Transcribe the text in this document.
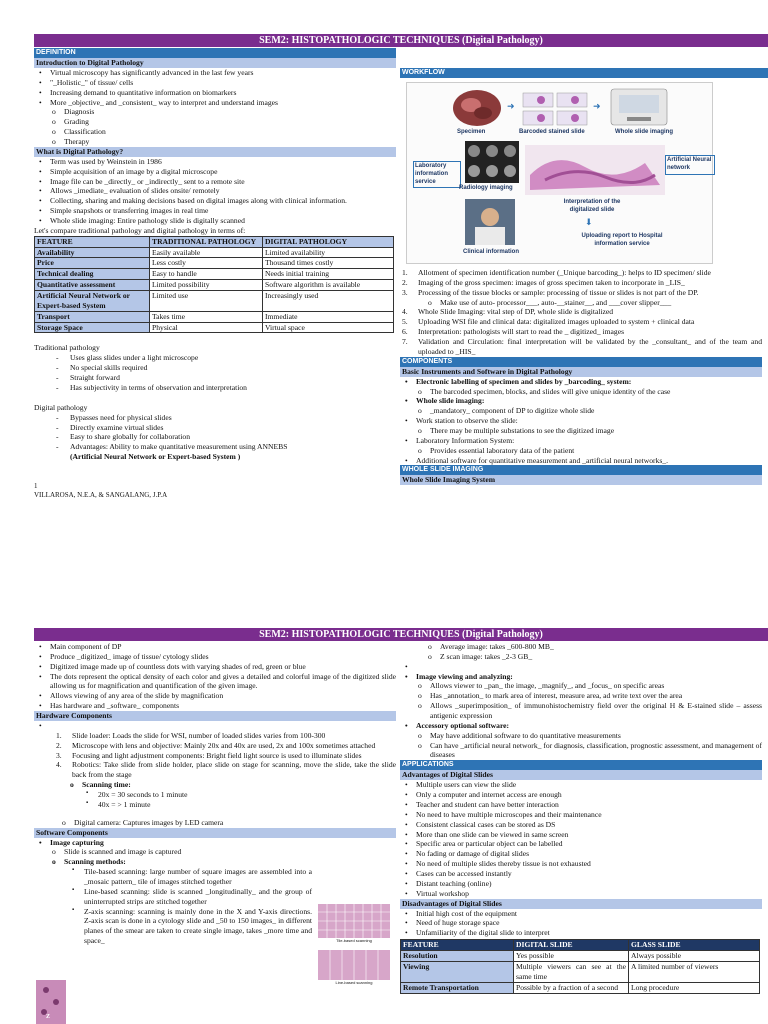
SEM2: HISTOPATHOLOGIC TECHNIQUES (Digital Pathology)
DEFINITION
Introduction to Digital Pathology
• Virtual microscopy has significantly advanced in the last few years
• "_Holistic_" of tissue/ cells
• Increasing demand to quantitative information on biomarkers
• More _objective_ and _consistent_ way to interpret and understand images
o Diagnosis
o Grading
o Classification
o Therapy
What is Digital Pathology?
• Term was used by Weinstein in 1986
• Simple acquisition of an image by a digital microscope
• Image file can be _directly_ or _indirectly_ sent to a remote site
• Allows _imediate_ evaluation of slides onsite/ remotely
• Collecting, sharing and making decisions based on digital images along with clinical information.
• Simple snapshots or transferring images in real time
• Whole slide imaging: Entire pathology slide is digitally scanned
Let's compare traditional pathology and digital pathology in terms of:
FEATURE	TRADITIONAL PATHOLOGY	DIGITAL PATHOLOGY
Availability	Easily available	Limited availability
Price	Less costly	Thousand times costly
Technical dealing	Easy to handle	Needs initial training
Quantitative assessment	Limited possibility	Software algorithm is available
Artificial Neural Network or Expert-based System	Limited use	Increasingly used
Transport	Takes time	Immediate
Storage Space	Physical	Virtual space
Traditional pathology
- Uses glass slides under a light microscope
- No special skills required
- Straight forward
- Has subjectivity in terms of observation and interpretation
Digital pathology
- Bypasses need for physical slides
- Directly examine virtual slides
- Easy to share globally for collaboration
- Advantages: Ability to make quantitative measurement using ANNEBS
(Artificial Neural Network or Expert-based System )
1
VILLAROSA, N.E.A, & SANGALANG, J.P.A
WORKFLOW
Specimen
➜
Barcoded stained slide
➜
Whole slide imaging
Laboratory information service
Radiology imaging
Artificial Neural network
Clinical information
Interpretation of the digitalized slide
⬇
Uploading report to Hospital information service
1. Allotment of specimen identification number (_Unique barcoding_): helps to ID specimen/ slide
2. Imaging of the gross specimen: images of gross specimen taken to incorporate in _LIS_
3. Processing of the tissue blocks or sample: processing of tissue or slides is not part of the DP.
o Make use of auto- processor___, auto-__stainer__, and ___cover slipper___
4. Whole Slide Imaging: vital step of DP, whole slide is digitalized
5. Uploading WSI file and clinical data: digitalized images uploaded to system + clinical data
6. Interpretation: pathologists will start to read the _ digitized_ images
7. Validation and Circulation: final interpretation will be validated by the _consultant_ and of the team and uploaded to _HIS_
COMPONENTS
Basic Instruments and Software in Digital Pathology
• Electronic labelling of specimen and slides by _barcoding_ system:
o The barcoded specimen, blocks, and slides will give unique identity of the case
• Whole slide imaging:
o _mandatory_ component of DP to digitize whole slide
• Work station to observe the slide:
o There may be multiple substations to see the digitized image
• Laboratory Information System:
o Provides essential laboratory data of the patient
• Additional software for quantitative measurement and _artificial neural networks_.
WHOLE SLIDE IMAGING
Whole Slide Imaging System
SEM2: HISTOPATHOLOGIC TECHNIQUES (Digital Pathology)
• Main component of DP
• Produce _digitized_ image of tissue/ cytology slides
• Digitized image made up of countless dots with varying shades of red, green or blue
• The dots represent the optical density of each color and gives a detailed and colorful image of the digitized slide allowing us for magnification and quantification of the given image.
• Allows viewing of any area of the slide by magnification
• Has hardware and _software_ components
Hardware Components
•
1. Slide loader: Loads the slide for WSI, number of loaded slides varies from 100-300
2. Microscope with lens and objective: Mainly 20x and 40x are used, 2x and 100x sometimes attached
3. Focusing and light adjustment components: Bright field light source is used to illuminate slides
4. Robotics: Take slide from slide holder, place slide on stage for scanning, move the slide, take the slide back from the stage
o Scanning time:
▪ 20x = 30 seconds to 1 minute
▪ 40x = > 1 minute
o Digital camera: Captures images by LED camera
Software Components
• Image capturing
o Slide is scanned and image is captured
o Scanning methods:
▪ Tile-based scanning: large number of square images are assembled into a _mosaic pattern_ tile of images stitched together
▪ Line-based scanning: slide is scanned _longitudinally_ and the group of uninterrupted strips are stitched together
▪ Z-axis scanning: scanning is mainly done in the X and Y-axis directions. Z-axis scan is done in a cytology slide and _50 to 150 images_ in different planes of the smear are taken to create single image, takes _more time and space_	Tile-based scanning
Line-based scanning
Z
o Average image: takes _600-800 MB_
o Z scan image: takes _2-3 GB_
•
• Image viewing and analyzing:
o Allows viewer to _pan_ the image, _magnify_, and _focus_ on specific areas
o Has _annotation_ to mark area of interest, measure area, ad write text over the area
o Allows _superimposition_ of immunohistochemistry field over the original H & E-stained slide – assess antigenic expression
• Accessory optional software:
o May have additional software to do quantitative measurements
o Can have _artificial neural network_ for diagnosis, classification, prognostic assessment, and management of diseases
APPLICATIONS
Advantages of Digital Slides
• Multiple users can view the slide
• Only a computer and internet access are enough
• Teacher and student can have better interaction
• No need to have multiple microscopes and their maintenance
• Consistent classical cases can be stored as DS
• More than one slide can be viewed in same screen
• Specific area or particular object can be labelled
• No fading or damage of digital slides
• No need of multiple slides thereby tissue is not exhausted
• Cases can be accessed instantly
• Distant teaching (online)
• Virtual workshop
Disadvantages of Digital Slides
• Initial high cost of the equipment
• Need of huge storage space
• Unfamiliarity of the digital slide to interpret
FEATURE	DIGITAL SLIDE	GLASS SLIDE
Resolution	Yes possible	Always possible
Viewing	Multiple viewers can see at the same time	A limited number of viewers
Remote Transportation	Possible by a fraction of a second	Long procedure
